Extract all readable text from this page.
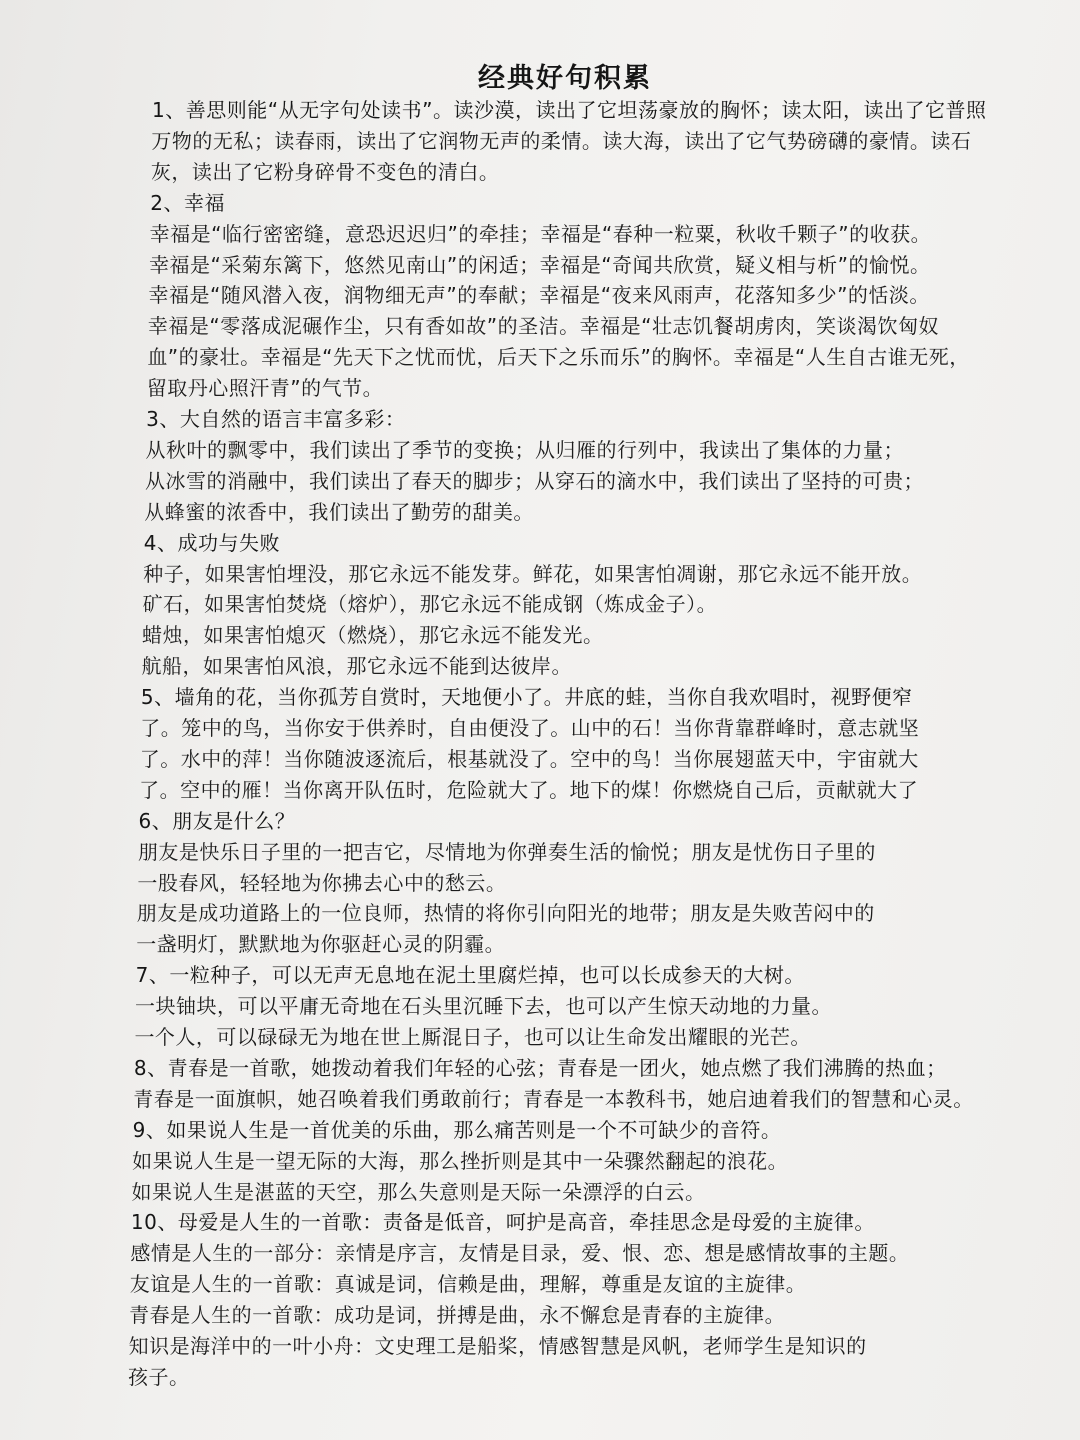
经典好句积累
1、善思则能“从无字句处读书”。读沙漠，读出了它坦荡豪放的胸怀；读太阳，读出了它普照
万物的无私；读春雨，读出了它润物无声的柔情。读大海，读出了它气势磅礴的豪情。读石
灰，读出了它粉身碎骨不变色的清白。
2、幸福
幸福是“临行密密缝，意恐迟迟归”的牵挂；幸福是“春种一粒粟，秋收千颗子”的收获。
幸福是“采菊东篱下，悠然见南山”的闲适；幸福是“奇闻共欣赏，疑义相与析”的愉悦。
幸福是“随风潜入夜，润物细无声”的奉献；幸福是“夜来风雨声，花落知多少”的恬淡。
幸福是“零落成泥碾作尘，只有香如故”的圣洁。幸福是“壮志饥餐胡虏肉，笑谈渴饮匈奴
血”的豪壮。幸福是“先天下之忧而忧，后天下之乐而乐”的胸怀。幸福是“人生自古谁无死，
留取丹心照汗青”的气节。
3、大自然的语言丰富多彩：
从秋叶的飘零中，我们读出了季节的变换；从归雁的行列中，我读出了集体的力量；
从冰雪的消融中，我们读出了春天的脚步；从穿石的滴水中，我们读出了坚持的可贵；
从蜂蜜的浓香中，我们读出了勤劳的甜美。
4、成功与失败
种子，如果害怕埋没，那它永远不能发芽。鲜花，如果害怕凋谢，那它永远不能开放。
矿石，如果害怕焚烧（熔炉），那它永远不能成钢（炼成金子）。
蜡烛，如果害怕熄灭（燃烧），那它永远不能发光。
航船，如果害怕风浪，那它永远不能到达彼岸。
5、墙角的花，当你孤芳自赏时，天地便小了。井底的蛙，当你自我欢唱时，视野便窄
了。笼中的鸟，当你安于供养时，自由便没了。山中的石！当你背靠群峰时，意志就坚
了。水中的萍！当你随波逐流后，根基就没了。空中的鸟！当你展翅蓝天中，宇宙就大
了。空中的雁！当你离开队伍时，危险就大了。地下的煤！你燃烧自己后，贡献就大了
6、朋友是什么？
朋友是快乐日子里的一把吉它，尽情地为你弹奏生活的愉悦；朋友是忧伤日子里的
一股春风，轻轻地为你拂去心中的愁云。
朋友是成功道路上的一位良师，热情的将你引向阳光的地带；朋友是失败苦闷中的
一盏明灯，默默地为你驱赶心灵的阴霾。
7、一粒种子，可以无声无息地在泥土里腐烂掉，也可以长成参天的大树。
一块铀块，可以平庸无奇地在石头里沉睡下去，也可以产生惊天动地的力量。
一个人，可以碌碌无为地在世上厮混日子，也可以让生命发出耀眼的光芒。
8、青春是一首歌，她拨动着我们年轻的心弦；青春是一团火，她点燃了我们沸腾的热血；
青春是一面旗帜，她召唤着我们勇敢前行；青春是一本教科书，她启迪着我们的智慧和心灵。
9、如果说人生是一首优美的乐曲，那么痛苦则是一个不可缺少的音符。
如果说人生是一望无际的大海，那么挫折则是其中一朵骤然翻起的浪花。
如果说人生是湛蓝的天空，那么失意则是天际一朵漂浮的白云。
10、母爱是人生的一首歌：责备是低音，呵护是高音，牵挂思念是母爱的主旋律。
感情是人生的一部分：亲情是序言，友情是目录，爱、恨、恋、想是感情故事的主题。
友谊是人生的一首歌：真诚是词，信赖是曲，理解，尊重是友谊的主旋律。
青春是人生的一首歌：成功是词，拼搏是曲，永不懈怠是青春的主旋律。
知识是海洋中的一叶小舟：文史理工是船桨，情感智慧是风帆，老师学生是知识的
孩子。
